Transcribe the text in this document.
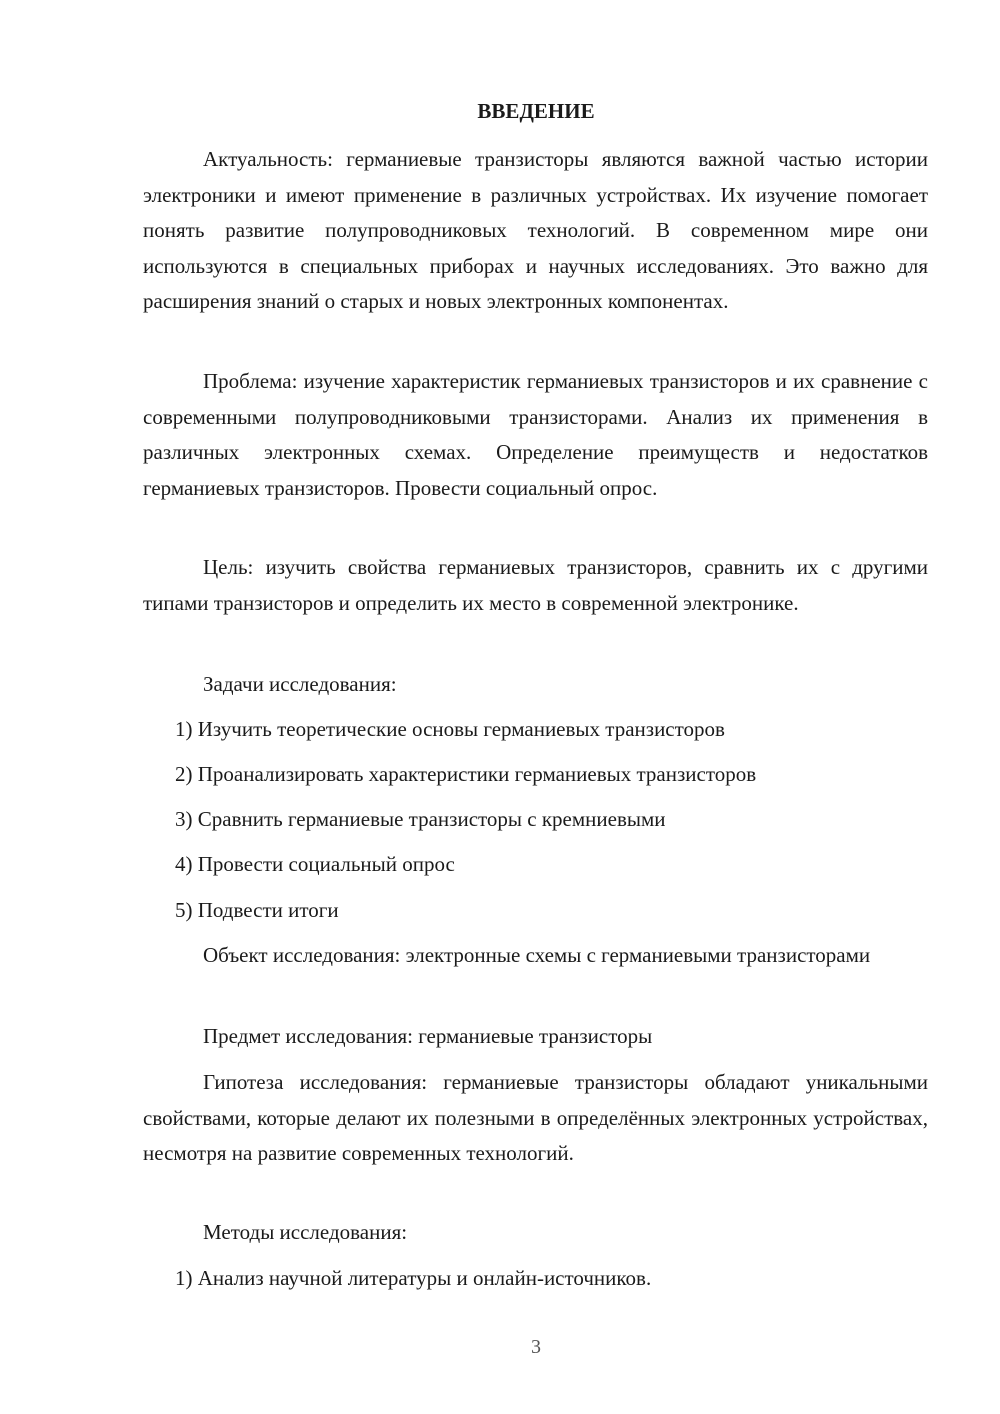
ВВЕДЕНИЕ

Актуальность: германиевые транзисторы являются важной частью истории электроники и имеют применение в различных устройствах. Их изучение помогает понять развитие полупроводниковых технологий. В современном мире они используются в специальных приборах и научных исследованиях. Это важно для расширения знаний о старых и новых электронных компонентах.

Проблема: изучение характеристик германиевых транзисторов и их сравнение с современными полупроводниковыми транзисторами. Анализ их применения в различных электронных схемах. Определение преимуществ и недостатков германиевых транзисторов. Провести социальный опрос.

Цель: изучить свойства германиевых транзисторов, сравнить их с другими типами транзисторов и определить их место в современной электронике.

Задачи исследования:

1) Изучить теоретические основы германиевых транзисторов

2) Проанализировать характеристики германиевых транзисторов

3) Сравнить германиевые транзисторы с кремниевыми

4) Провести социальный опрос

5) Подвести итоги

Объект исследования: электронные схемы с германиевыми транзисторами

Предмет исследования: германиевые транзисторы

Гипотеза исследования: германиевые транзисторы обладают уникальными свойствами, которые делают их полезными в определённых электронных устройствах, несмотря на развитие современных технологий.

Методы исследования:

1) Анализ научной литературы и онлайн-источников.

3
